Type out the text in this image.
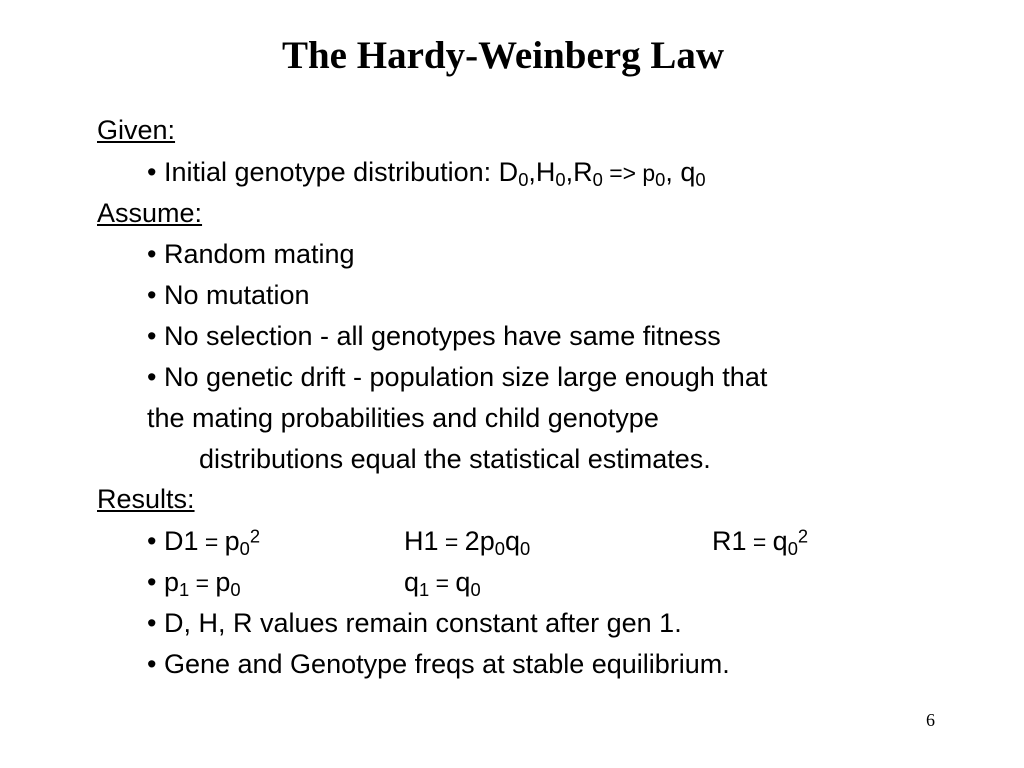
The Hardy-Weinberg Law
Given:
• Initial genotype distribution: $D_0,H_0,R_0 => p_0$, $q_0$
Assume:
• Random mating
• No mutation
• No selection - all genotypes have same fitness
• No genetic drift - population size large enough that
the mating probabilities and child genotype
distributions equal the statistical estimates.
Results:
• $D1 = p_0^2$	$H1 = 2p_0q_0$	$R1 = q_0^2$
• $p_1 = p_0$	$q_1 = q_0$
• D, H, R values remain constant after gen 1.
• Gene and Genotype freqs at stable equilibrium.
6
